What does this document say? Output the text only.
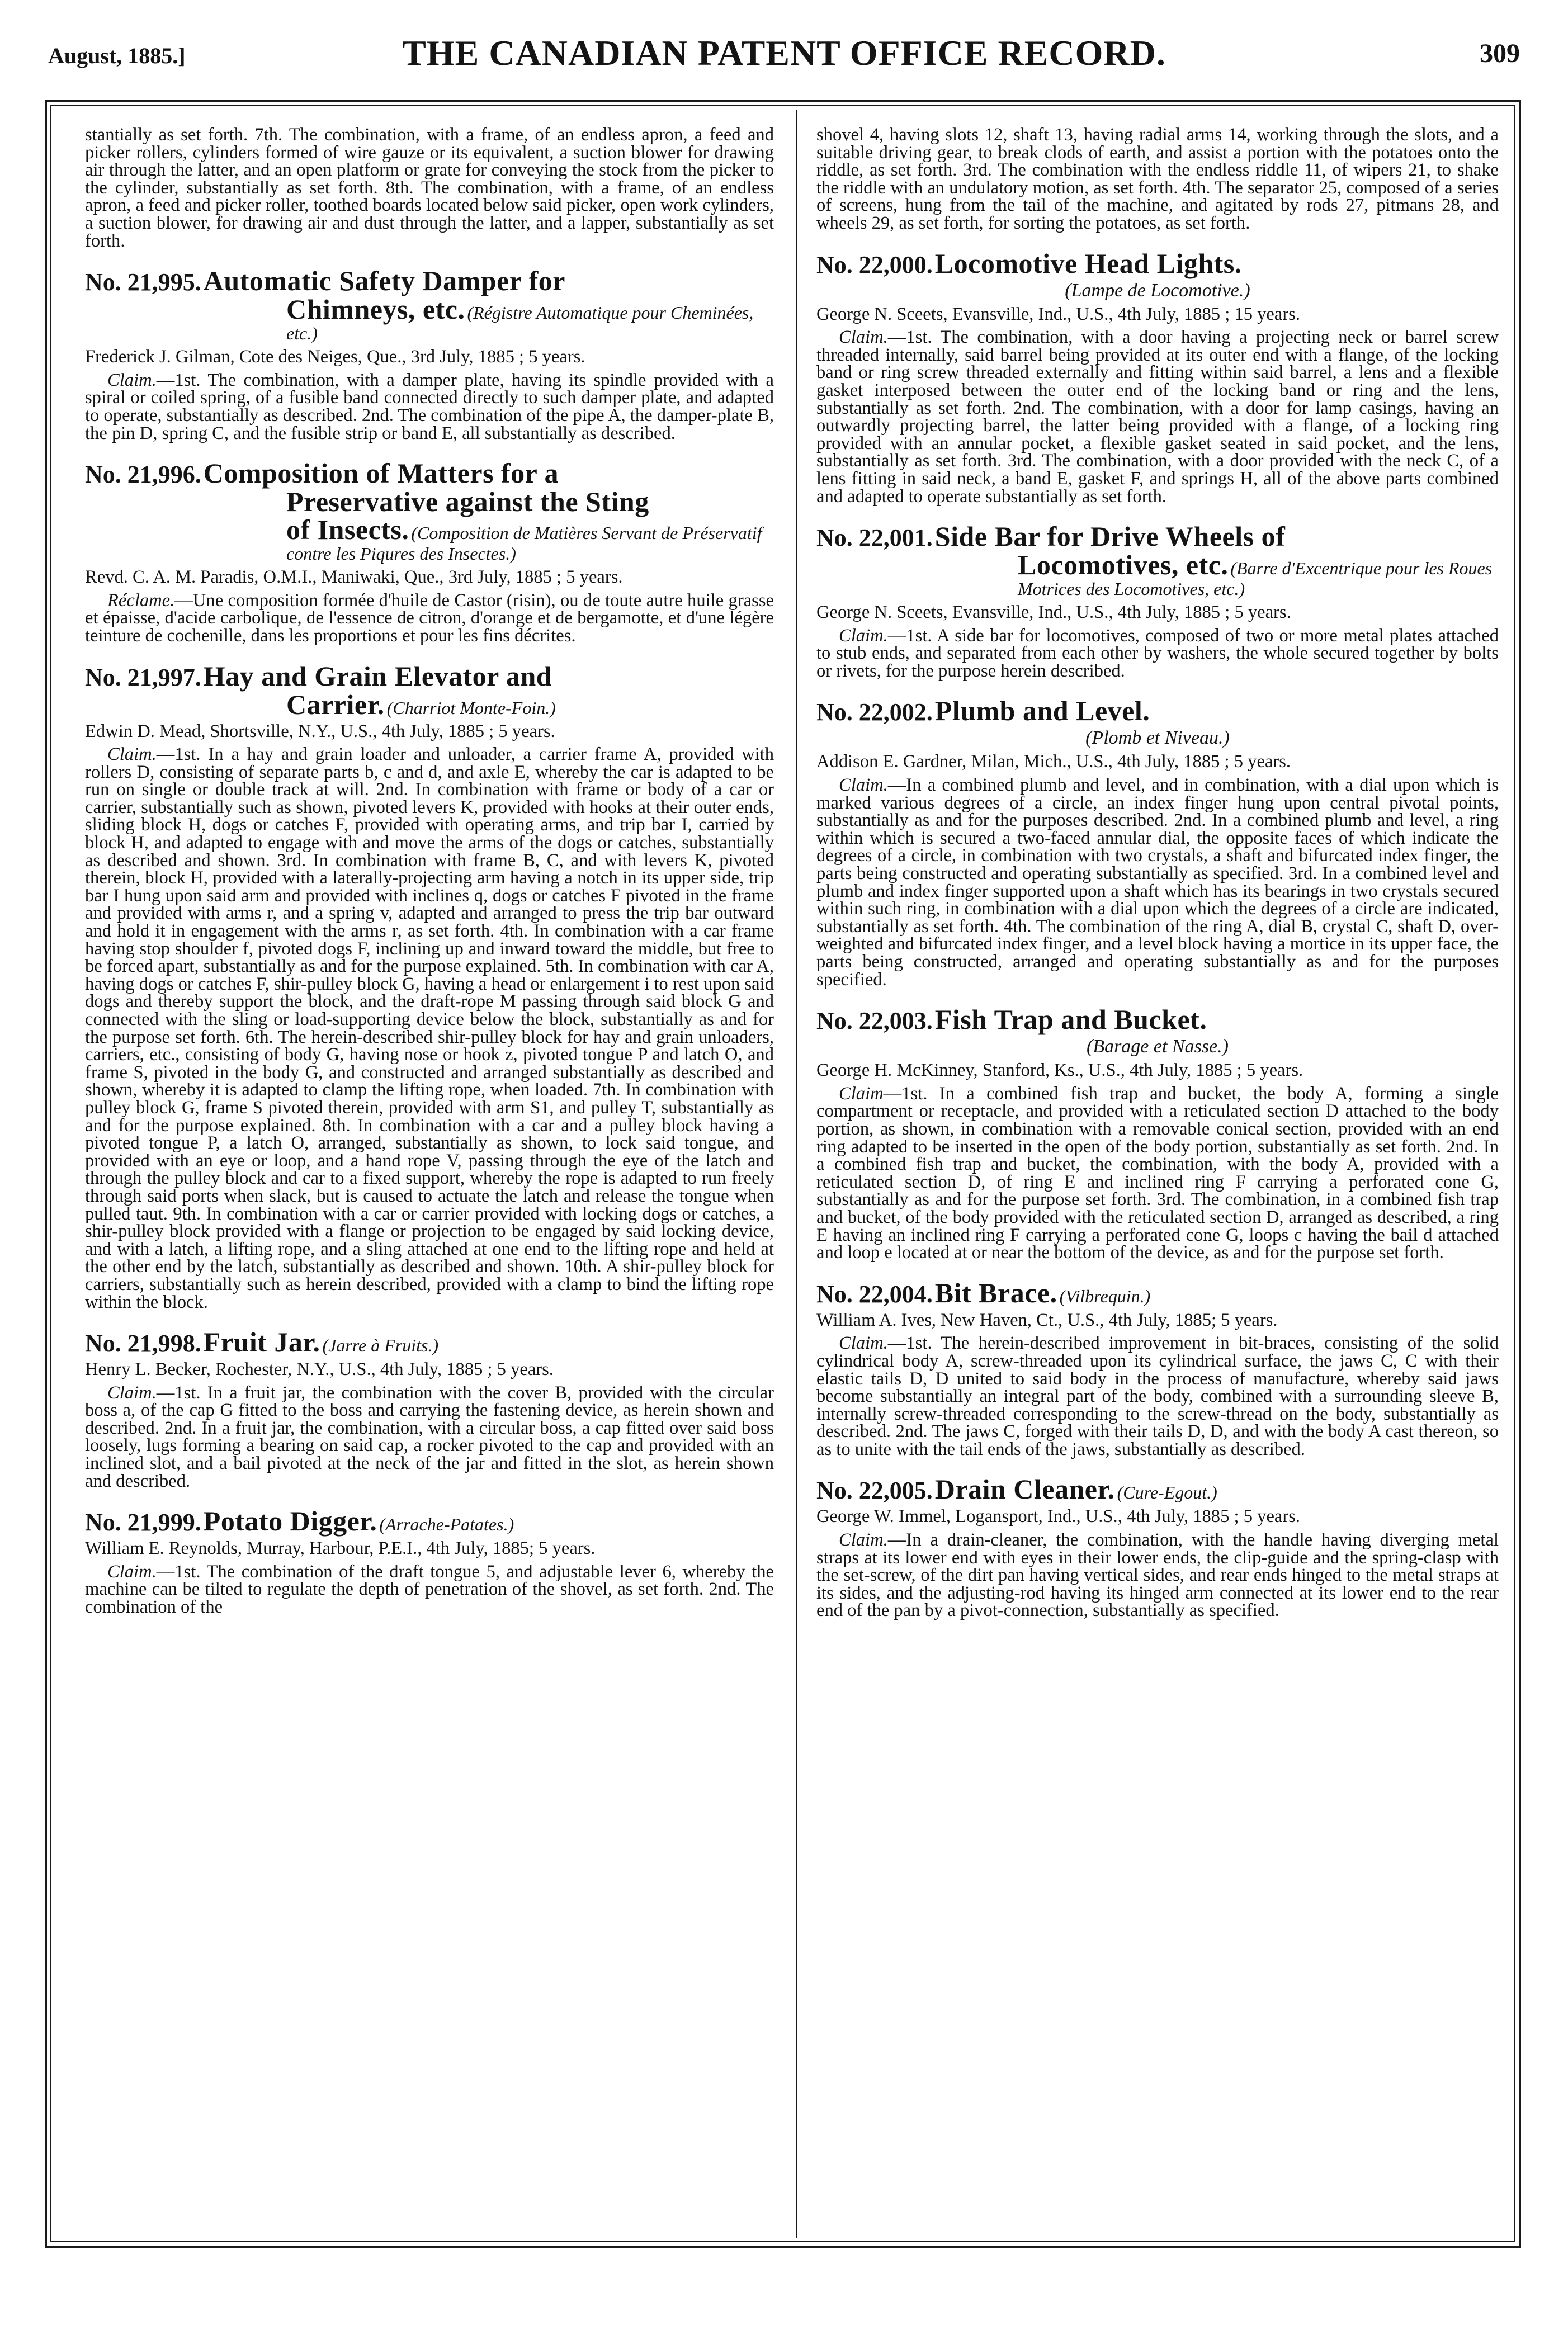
August, 1885.]	THE CANADIAN PATENT OFFICE RECORD.	309

stantially as set forth. 7th. The combination, with a frame, of an endless apron, a feed and picker rollers, cylinders formed of wire gauze or its equivalent, a suction blower for drawing air through the latter, and an open platform or grate for conveying the stock from the picker to the cylinder, substantially as set forth. 8th. The combination, with a frame, of an endless apron, a feed and picker roller, toothed boards located below said picker, open work cylinders, a suction blower, for drawing air and dust through the latter, and a lapper, substantially as set forth.

No. 21,995. Automatic Safety Damper for
Chimneys, etc. (Régistre Automatique pour Cheminées, etc.)

Frederick J. Gilman, Cote des Neiges, Que., 3rd July, 1885 ; 5 years.

Claim.—1st. The combination, with a damper plate, having its spindle provided with a spiral or coiled spring, of a fusible band connected directly to such damper plate, and adapted to operate, substantially as described. 2nd. The combination of the pipe A, the damper-plate B, the pin D, spring C, and the fusible strip or band E, all substantially as described.

No. 21,996. Composition of Matters for a
Preservative against the Sting
of Insects. (Composition de Matières Servant de Préservatif contre les Piqures des Insectes.)

Revd. C. A. M. Paradis, O.M.I., Maniwaki, Que., 3rd July, 1885 ; 5 years.

Réclame.—Une composition formée d'huile de Castor (risin), ou de toute autre huile grasse et épaisse, d'acide carbolique, de l'essence de citron, d'orange et de bergamotte, et d'une légère teinture de cochenille, dans les proportions et pour les fins décrites.

No. 21,997. Hay and Grain Elevator and
Carrier. (Charriot Monte-Foin.)

Edwin D. Mead, Shortsville, N.Y., U.S., 4th July, 1885 ; 5 years.

Claim.—1st. In a hay and grain loader and unloader, a carrier frame A, provided with rollers D, consisting of separate parts b, c and d, and axle E, whereby the car is adapted to be run on single or double track at will. 2nd. In combination with frame or body of a car or carrier, substantially such as shown, pivoted levers K, provided with hooks at their outer ends, sliding block H, dogs or catches F, provided with operating arms, and trip bar I, carried by block H, and adapted to engage with and move the arms of the dogs or catches, substantially as described and shown. 3rd. In combination with frame B, C, and with levers K, pivoted therein, block H, provided with a laterally-projecting arm having a notch in its upper side, trip bar I hung upon said arm and provided with inclines q, dogs or catches F pivoted in the frame and provided with arms r, and a spring v, adapted and arranged to press the trip bar outward and hold it in engagement with the arms r, as set forth. 4th. In combination with a car frame having stop shoulder f, pivoted dogs F, inclining up and inward toward the middle, but free to be forced apart, substantially as and for the purpose explained. 5th. In combination with car A, having dogs or catches F, shir-pulley block G, having a head or enlargement i to rest upon said dogs and thereby support the block, and the draft-rope M passing through said block G and connected with the sling or load-supporting device below the block, substantially as and for the purpose set forth. 6th. The herein-described shir-pulley block for hay and grain unloaders, carriers, etc., consisting of body G, having nose or hook z, pivoted tongue P and latch O, and frame S, pivoted in the body G, and constructed and arranged substantially as described and shown, whereby it is adapted to clamp the lifting rope, when loaded. 7th. In combination with pulley block G, frame S pivoted therein, provided with arm S1, and pulley T, substantially as and for the purpose explained. 8th. In combination with a car and a pulley block having a pivoted tongue P, a latch O, arranged, substantially as shown, to lock said tongue, and provided with an eye or loop, and a hand rope V, passing through the eye of the latch and through the pulley block and car to a fixed support, whereby the rope is adapted to run freely through said ports when slack, but is caused to actuate the latch and release the tongue when pulled taut. 9th. In combination with a car or carrier provided with locking dogs or catches, a shir-pulley block provided with a flange or projection to be engaged by said locking device, and with a latch, a lifting rope, and a sling attached at one end to the lifting rope and held at the other end by the latch, substantially as described and shown. 10th. A shir-pulley block for carriers, substantially such as herein described, provided with a clamp to bind the lifting rope within the block.

No. 21,998. Fruit Jar. (Jarre à Fruits.)

Henry L. Becker, Rochester, N.Y., U.S., 4th July, 1885 ; 5 years.

Claim.—1st. In a fruit jar, the combination with the cover B, provided with the circular boss a, of the cap G fitted to the boss and carrying the fastening device, as herein shown and described. 2nd. In a fruit jar, the combination, with a circular boss, a cap fitted over said boss loosely, lugs forming a bearing on said cap, a rocker pivoted to the cap and provided with an inclined slot, and a bail pivoted at the neck of the jar and fitted in the slot, as herein shown and described.

No. 21,999. Potato Digger. (Arrache-Patates.)

William E. Reynolds, Murray, Harbour, P.E.I., 4th July, 1885; 5 years.

Claim.—1st. The combination of the draft tongue 5, and adjustable lever 6, whereby the machine can be tilted to regulate the depth of penetration of the shovel, as set forth. 2nd. The combination of the

shovel 4, having slots 12, shaft 13, having radial arms 14, working through the slots, and a suitable driving gear, to break clods of earth, and assist a portion with the potatoes onto the riddle, as set forth. 3rd. The combination with the endless riddle 11, of wipers 21, to shake the riddle with an undulatory motion, as set forth. 4th. The separator 25, composed of a series of screens, hung from the tail of the machine, and agitated by rods 27, pitmans 28, and wheels 29, as set forth, for sorting the potatoes, as set forth.

No. 22,000. Locomotive Head Lights.
(Lampe de Locomotive.)

George N. Sceets, Evansville, Ind., U.S., 4th July, 1885 ; 15 years.

Claim.—1st. The combination, with a door having a projecting neck or barrel screw threaded internally, said barrel being provided at its outer end with a flange, of the locking band or ring screw threaded externally and fitting within said barrel, a lens and a flexible gasket interposed between the outer end of the locking band or ring and the lens, substantially as set forth. 2nd. The combination, with a door for lamp casings, having an outwardly projecting barrel, the latter being provided with a flange, of a locking ring provided with an annular pocket, a flexible gasket seated in said pocket, and the lens, substantially as set forth. 3rd. The combination, with a door provided with the neck C, of a lens fitting in said neck, a band E, gasket F, and springs H, all of the above parts combined and adapted to operate substantially as set forth.

No. 22,001. Side Bar for Drive Wheels of
Locomotives, etc. (Barre d'Excentrique pour les Roues Motrices des Locomotives, etc.)

George N. Sceets, Evansville, Ind., U.S., 4th July, 1885 ; 5 years.

Claim.—1st. A side bar for locomotives, composed of two or more metal plates attached to stub ends, and separated from each other by washers, the whole secured together by bolts or rivets, for the purpose herein described.

No. 22,002. Plumb and Level.
(Plomb et Niveau.)

Addison E. Gardner, Milan, Mich., U.S., 4th July, 1885 ; 5 years.

Claim.—In a combined plumb and level, and in combination, with a dial upon which is marked various degrees of a circle, an index finger hung upon central pivotal points, substantially as and for the purposes described. 2nd. In a combined plumb and level, a ring within which is secured a two-faced annular dial, the opposite faces of which indicate the degrees of a circle, in combination with two crystals, a shaft and bifurcated index finger, the parts being constructed and operating substantially as specified. 3rd. In a combined level and plumb and index finger supported upon a shaft which has its bearings in two crystals secured within such ring, in combination with a dial upon which the degrees of a circle are indicated, substantially as set forth. 4th. The combination of the ring A, dial B, crystal C, shaft D, over-weighted and bifurcated index finger, and a level block having a mortice in its upper face, the parts being constructed, arranged and operating substantially as and for the purposes specified.

No. 22,003. Fish Trap and Bucket.
(Barage et Nasse.)

George H. McKinney, Stanford, Ks., U.S., 4th July, 1885 ; 5 years.

Claim—1st. In a combined fish trap and bucket, the body A, forming a single compartment or receptacle, and provided with a reticulated section D attached to the body portion, as shown, in combination with a removable conical section, provided with an end ring adapted to be inserted in the open of the body portion, substantially as set forth. 2nd. In a combined fish trap and bucket, the combination, with the body A, provided with a reticulated section D, of ring E and inclined ring F carrying a perforated cone G, substantially as and for the purpose set forth. 3rd. The combination, in a combined fish trap and bucket, of the body provided with the reticulated section D, arranged as described, a ring E having an inclined ring F carrying a perforated cone G, loops c having the bail d attached and loop e located at or near the bottom of the device, as and for the purpose set forth.

No. 22,004. Bit Brace. (Vilbrequin.)

William A. Ives, New Haven, Ct., U.S., 4th July, 1885; 5 years.

Claim.—1st. The herein-described improvement in bit-braces, consisting of the solid cylindrical body A, screw-threaded upon its cylindrical surface, the jaws C, C with their elastic tails D, D united to said body in the process of manufacture, whereby said jaws become substantially an integral part of the body, combined with a surrounding sleeve B, internally screw-threaded corresponding to the screw-thread on the body, substantially as described. 2nd. The jaws C, forged with their tails D, D, and with the body A cast thereon, so as to unite with the tail ends of the jaws, substantially as described.

No. 22,005. Drain Cleaner. (Cure-Egout.)

George W. Immel, Logansport, Ind., U.S., 4th July, 1885 ; 5 years.

Claim.—In a drain-cleaner, the combination, with the handle having diverging metal straps at its lower end with eyes in their lower ends, the clip-guide and the spring-clasp with the set-screw, of the dirt pan having vertical sides, and rear ends hinged to the metal straps at its sides, and the adjusting-rod having its hinged arm connected at its lower end to the rear end of the pan by a pivot-connection, substantially as specified.
